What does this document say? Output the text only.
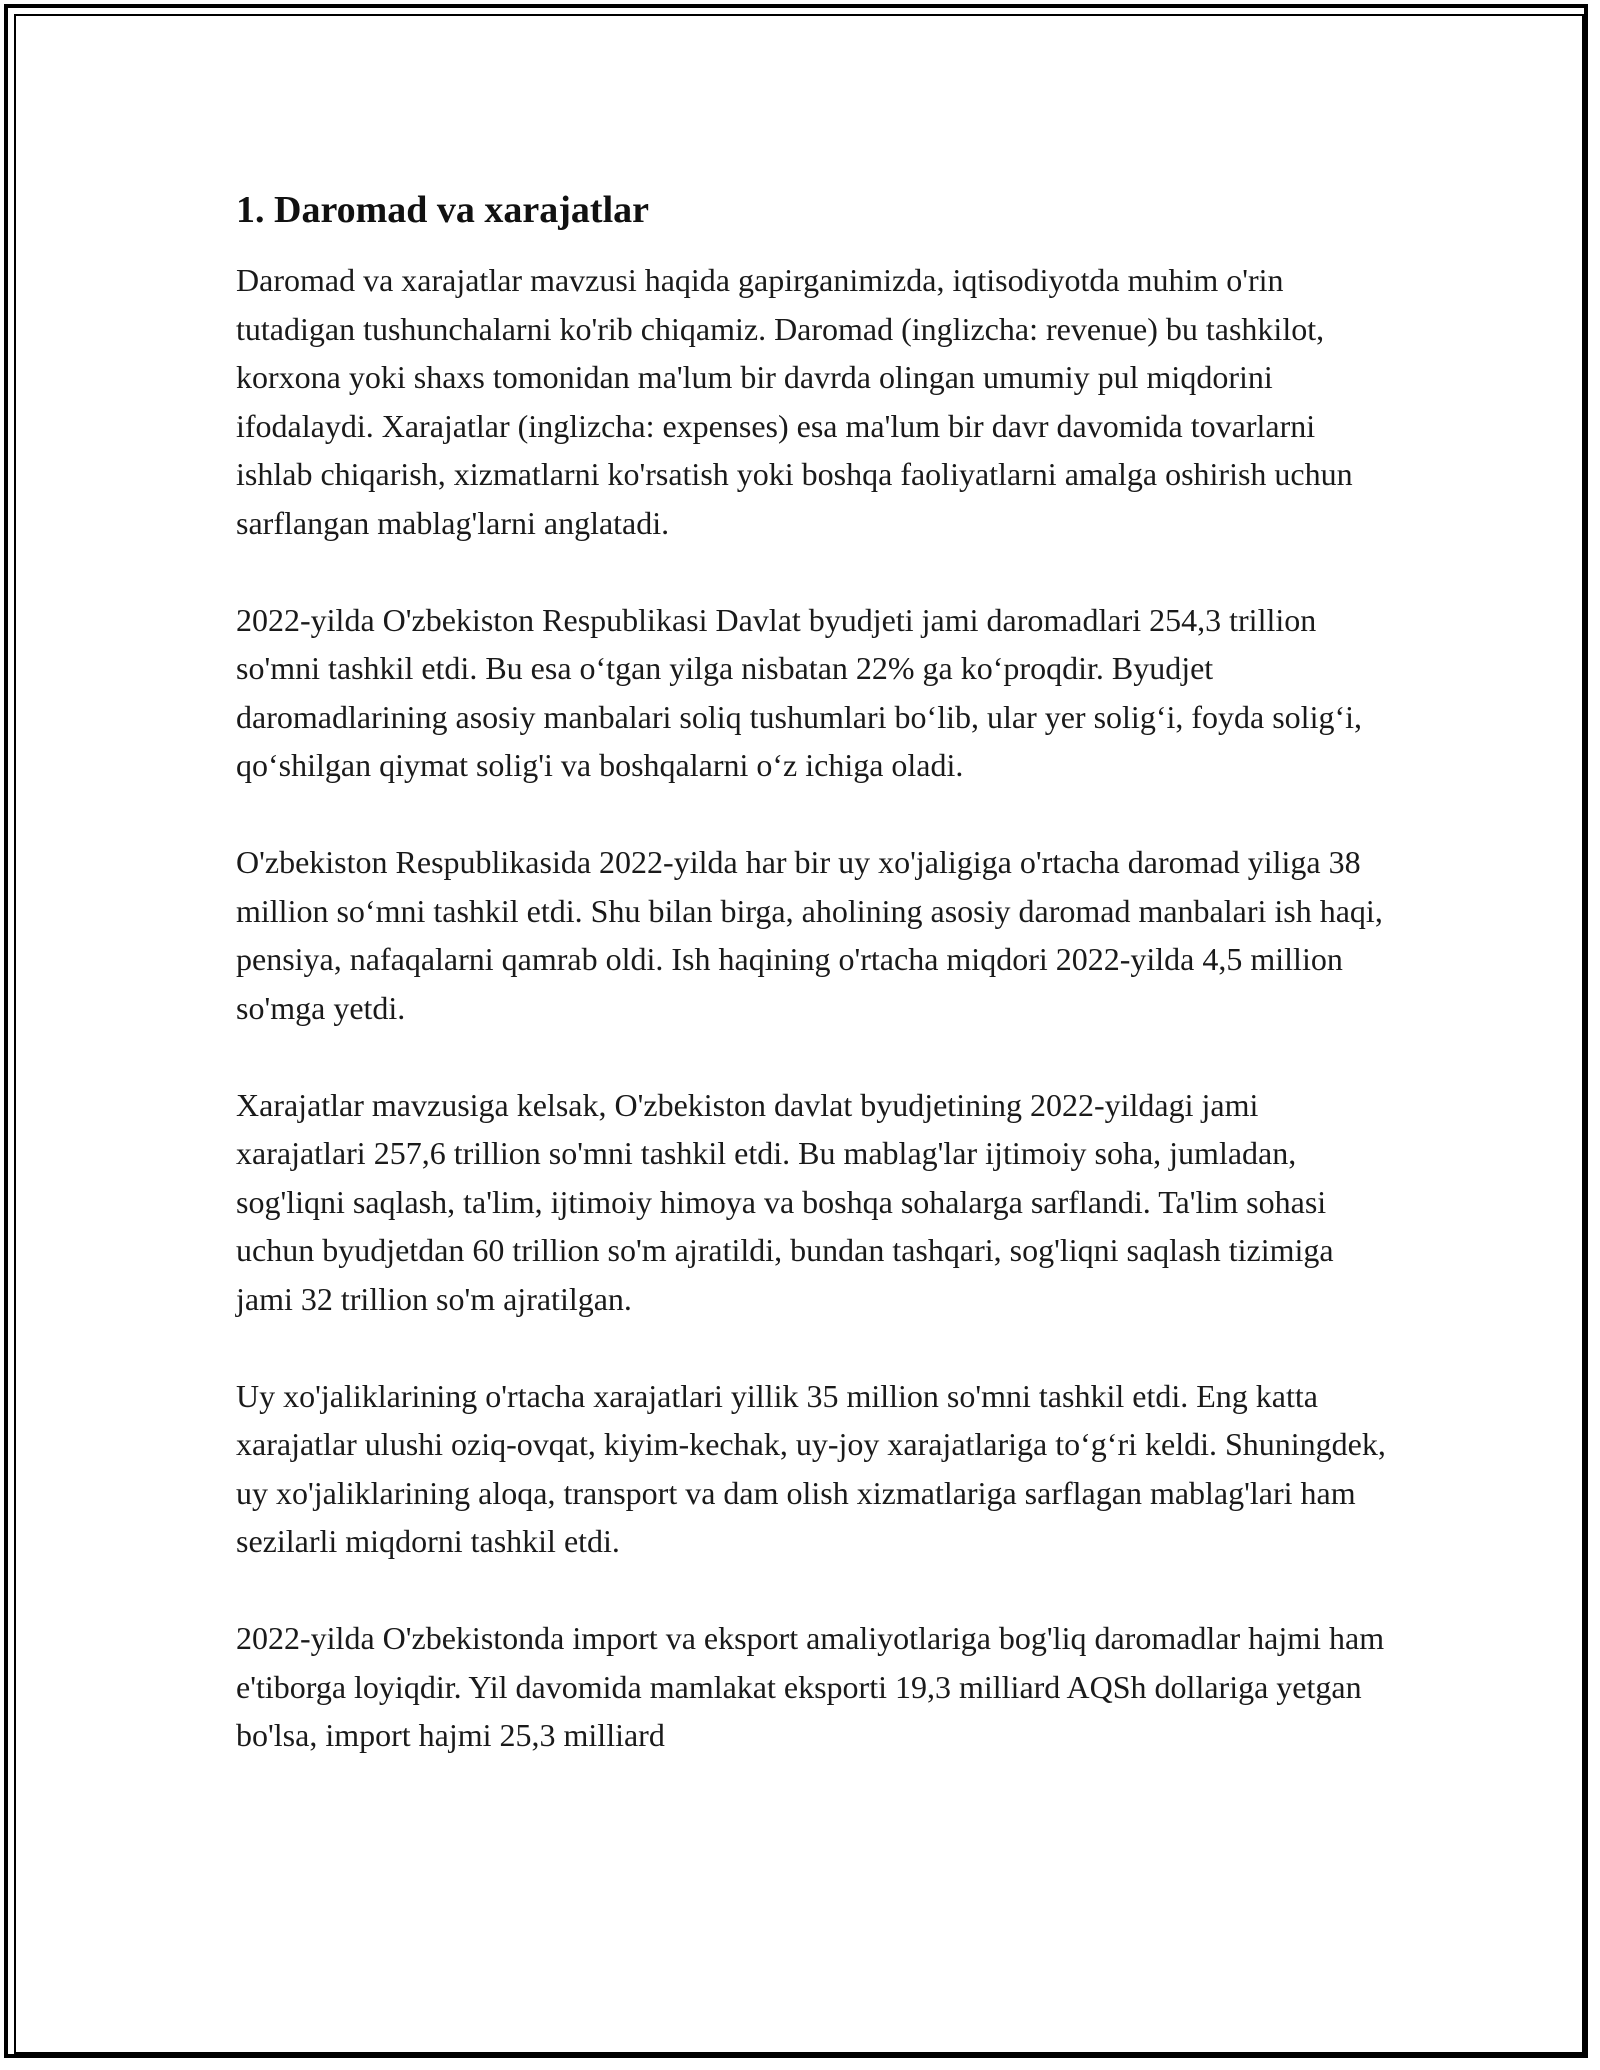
1. Daromad va xarajatlar

Daromad va xarajatlar mavzusi haqida gapirganimizda, iqtisodiyotda muhim o'rin tutadigan tushunchalarni ko'rib chiqamiz. Daromad (inglizcha: revenue) bu tashkilot, korxona yoki shaxs tomonidan ma'lum bir davrda olingan umumiy pul miqdorini ifodalaydi. Xarajatlar (inglizcha: expenses) esa ma'lum bir davr davomida tovarlarni ishlab chiqarish, xizmatlarni ko'rsatish yoki boshqa faoliyatlarni amalga oshirish uchun sarflangan mablag'larni anglatadi.

2022-yilda O'zbekiston Respublikasi Davlat byudjeti jami daromadlari 254,3 trillion so'mni tashkil etdi. Bu esa o‘tgan yilga nisbatan 22% ga ko‘proqdir. Byudjet daromadlarining asosiy manbalari soliq tushumlari bo‘lib, ular yer solig‘i, foyda solig‘i, qo‘shilgan qiymat solig'i va boshqalarni o‘z ichiga oladi.

O'zbekiston Respublikasida 2022-yilda har bir uy xo'jaligiga o'rtacha daromad yiliga 38 million so‘mni tashkil etdi. Shu bilan birga, aholining asosiy daromad manbalari ish haqi, pensiya, nafaqalarni qamrab oldi. Ish haqining o'rtacha miqdori 2022-yilda 4,5 million so'mga yetdi.

Xarajatlar mavzusiga kelsak, O'zbekiston davlat byudjetining 2022-yildagi jami xarajatlari 257,6 trillion so'mni tashkil etdi. Bu mablag'lar ijtimoiy soha, jumladan, sog'liqni saqlash, ta'lim, ijtimoiy himoya va boshqa sohalarga sarflandi. Ta'lim sohasi uchun byudjetdan 60 trillion so'm ajratildi, bundan tashqari, sog'liqni saqlash tizimiga jami 32 trillion so'm ajratilgan.

Uy xo'jaliklarining o'rtacha xarajatlari yillik 35 million so'mni tashkil etdi. Eng katta xarajatlar ulushi oziq-ovqat, kiyim-kechak, uy-joy xarajatlariga to‘g‘ri keldi. Shuningdek, uy xo'jaliklarining aloqa, transport va dam olish xizmatlariga sarflagan mablag'lari ham sezilarli miqdorni tashkil etdi.

2022-yilda O'zbekistonda import va eksport amaliyotlariga bog'liq daromadlar hajmi ham e'tiborga loyiqdir. Yil davomida mamlakat eksporti 19,3 milliard AQSh dollariga yetgan bo'lsa, import hajmi 25,3 milliard
